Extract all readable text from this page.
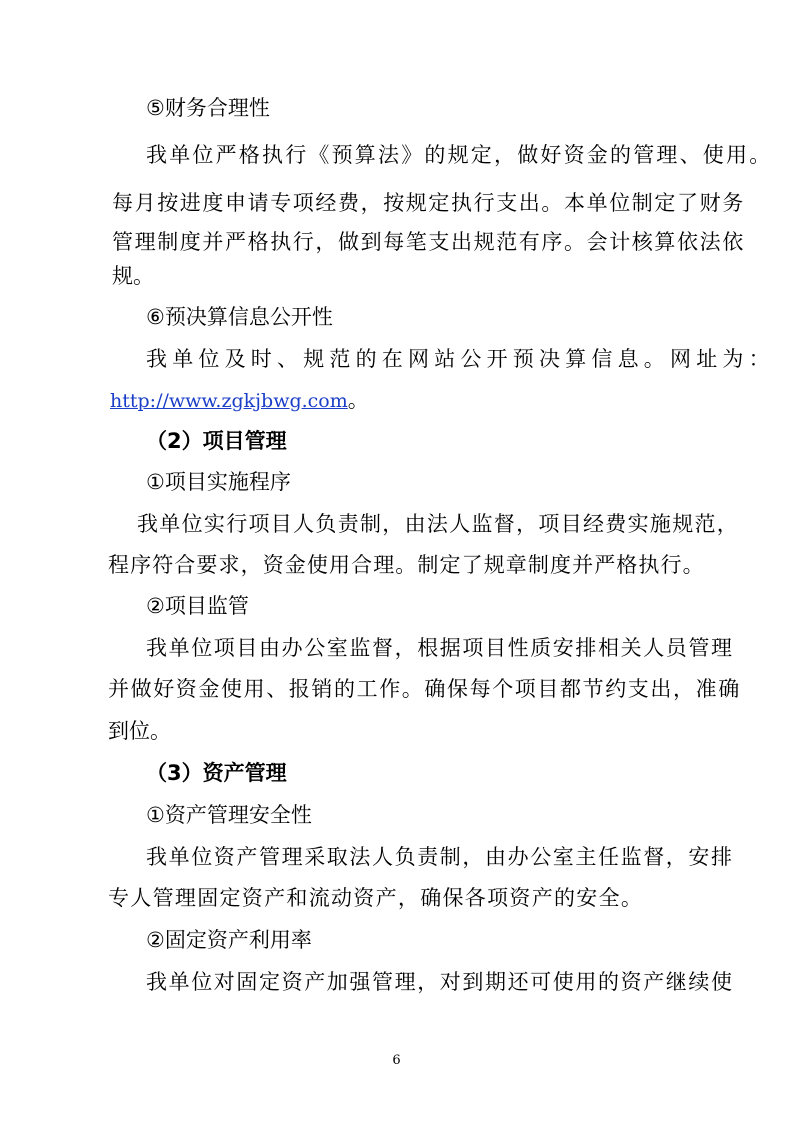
⑤财务合理性
我单位严格执行《预算法》的规定，做好资金的管理、使用。
每月按进度申请专项经费，按规定执行支出。本单位制定了财务
管理制度并严格执行，做到每笔支出规范有序。会计核算依法依
规。
⑥预决算信息公开性
我单位及时、规范的在网站公开预决算信息。网址为：
http://www.zgkjbwg.com。
（2）项目管理
①项目实施程序
我单位实行项目人负责制，由法人监督，项目经费实施规范，
程序符合要求，资金使用合理。制定了规章制度并严格执行。
②项目监管
我单位项目由办公室监督，根据项目性质安排相关人员管理
并做好资金使用、报销的工作。确保每个项目都节约支出，准确
到位。
（3）资产管理
①资产管理安全性
我单位资产管理采取法人负责制，由办公室主任监督，安排
专人管理固定资产和流动资产，确保各项资产的安全。
②固定资产利用率
我单位对固定资产加强管理，对到期还可使用的资产继续使
6
